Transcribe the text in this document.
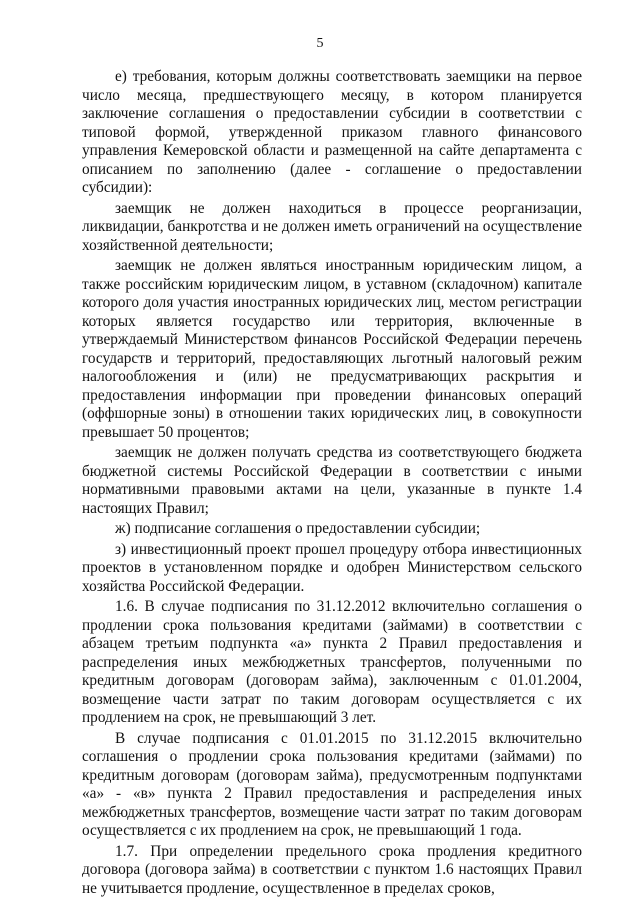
5

е) требования, которым должны соответствовать заемщики на первое число месяца, предшествующего месяцу, в котором планируется заключение соглашения о предоставлении субсидии в соответствии с типовой формой, утвержденной приказом главного финансового управления Кемеровской области и размещенной на сайте департамента с описанием по заполнению (далее - соглашение о предоставлении субсидии):

заемщик не должен находиться в процессе реорганизации, ликвидации, банкротства и не должен иметь ограничений на осуществление хозяйственной деятельности;

заемщик не должен являться иностранным юридическим лицом, а также российским юридическим лицом, в уставном (складочном) капитале которого доля участия иностранных юридических лиц, местом регистрации которых является государство или территория, включенные в утверждаемый Министерством финансов Российской Федерации перечень государств и территорий, предоставляющих льготный налоговый режим налогообложения и (или) не предусматривающих раскрытия и предоставления информации при проведении финансовых операций (оффшорные зоны) в отношении таких юридических лиц, в совокупности превышает 50 процентов;

заемщик не должен получать средства из соответствующего бюджета бюджетной системы Российской Федерации в соответствии с иными нормативными правовыми актами на цели, указанные в пункте 1.4 настоящих Правил;

ж) подписание соглашения о предоставлении субсидии;

з) инвестиционный проект прошел процедуру отбора инвестиционных проектов в установленном порядке и одобрен Министерством сельского хозяйства Российской Федерации.

1.6. В случае подписания по 31.12.2012 включительно соглашения о продлении срока пользования кредитами (займами) в соответствии с абзацем третьим подпункта «а» пункта 2 Правил предоставления и распределения иных межбюджетных трансфертов, полученными по кредитным договорам (договорам займа), заключенным с 01.01.2004, возмещение части затрат по таким договорам осуществляется с их продлением на срок, не превышающий 3 лет.

В случае подписания с 01.01.2015 по 31.12.2015 включительно соглашения о продлении срока пользования кредитами (займами) по кредитным договорам (договорам займа), предусмотренным подпунктами «а» - «в» пункта 2 Правил предоставления и распределения иных межбюджетных трансфертов, возмещение части затрат по таким договорам осуществляется с их продлением на срок, не превышающий 1 года.

1.7. При определении предельного срока продления кредитного договора (договора займа) в соответствии с пунктом 1.6 настоящих Правил не учитывается продление, осуществленное в пределах сроков,
